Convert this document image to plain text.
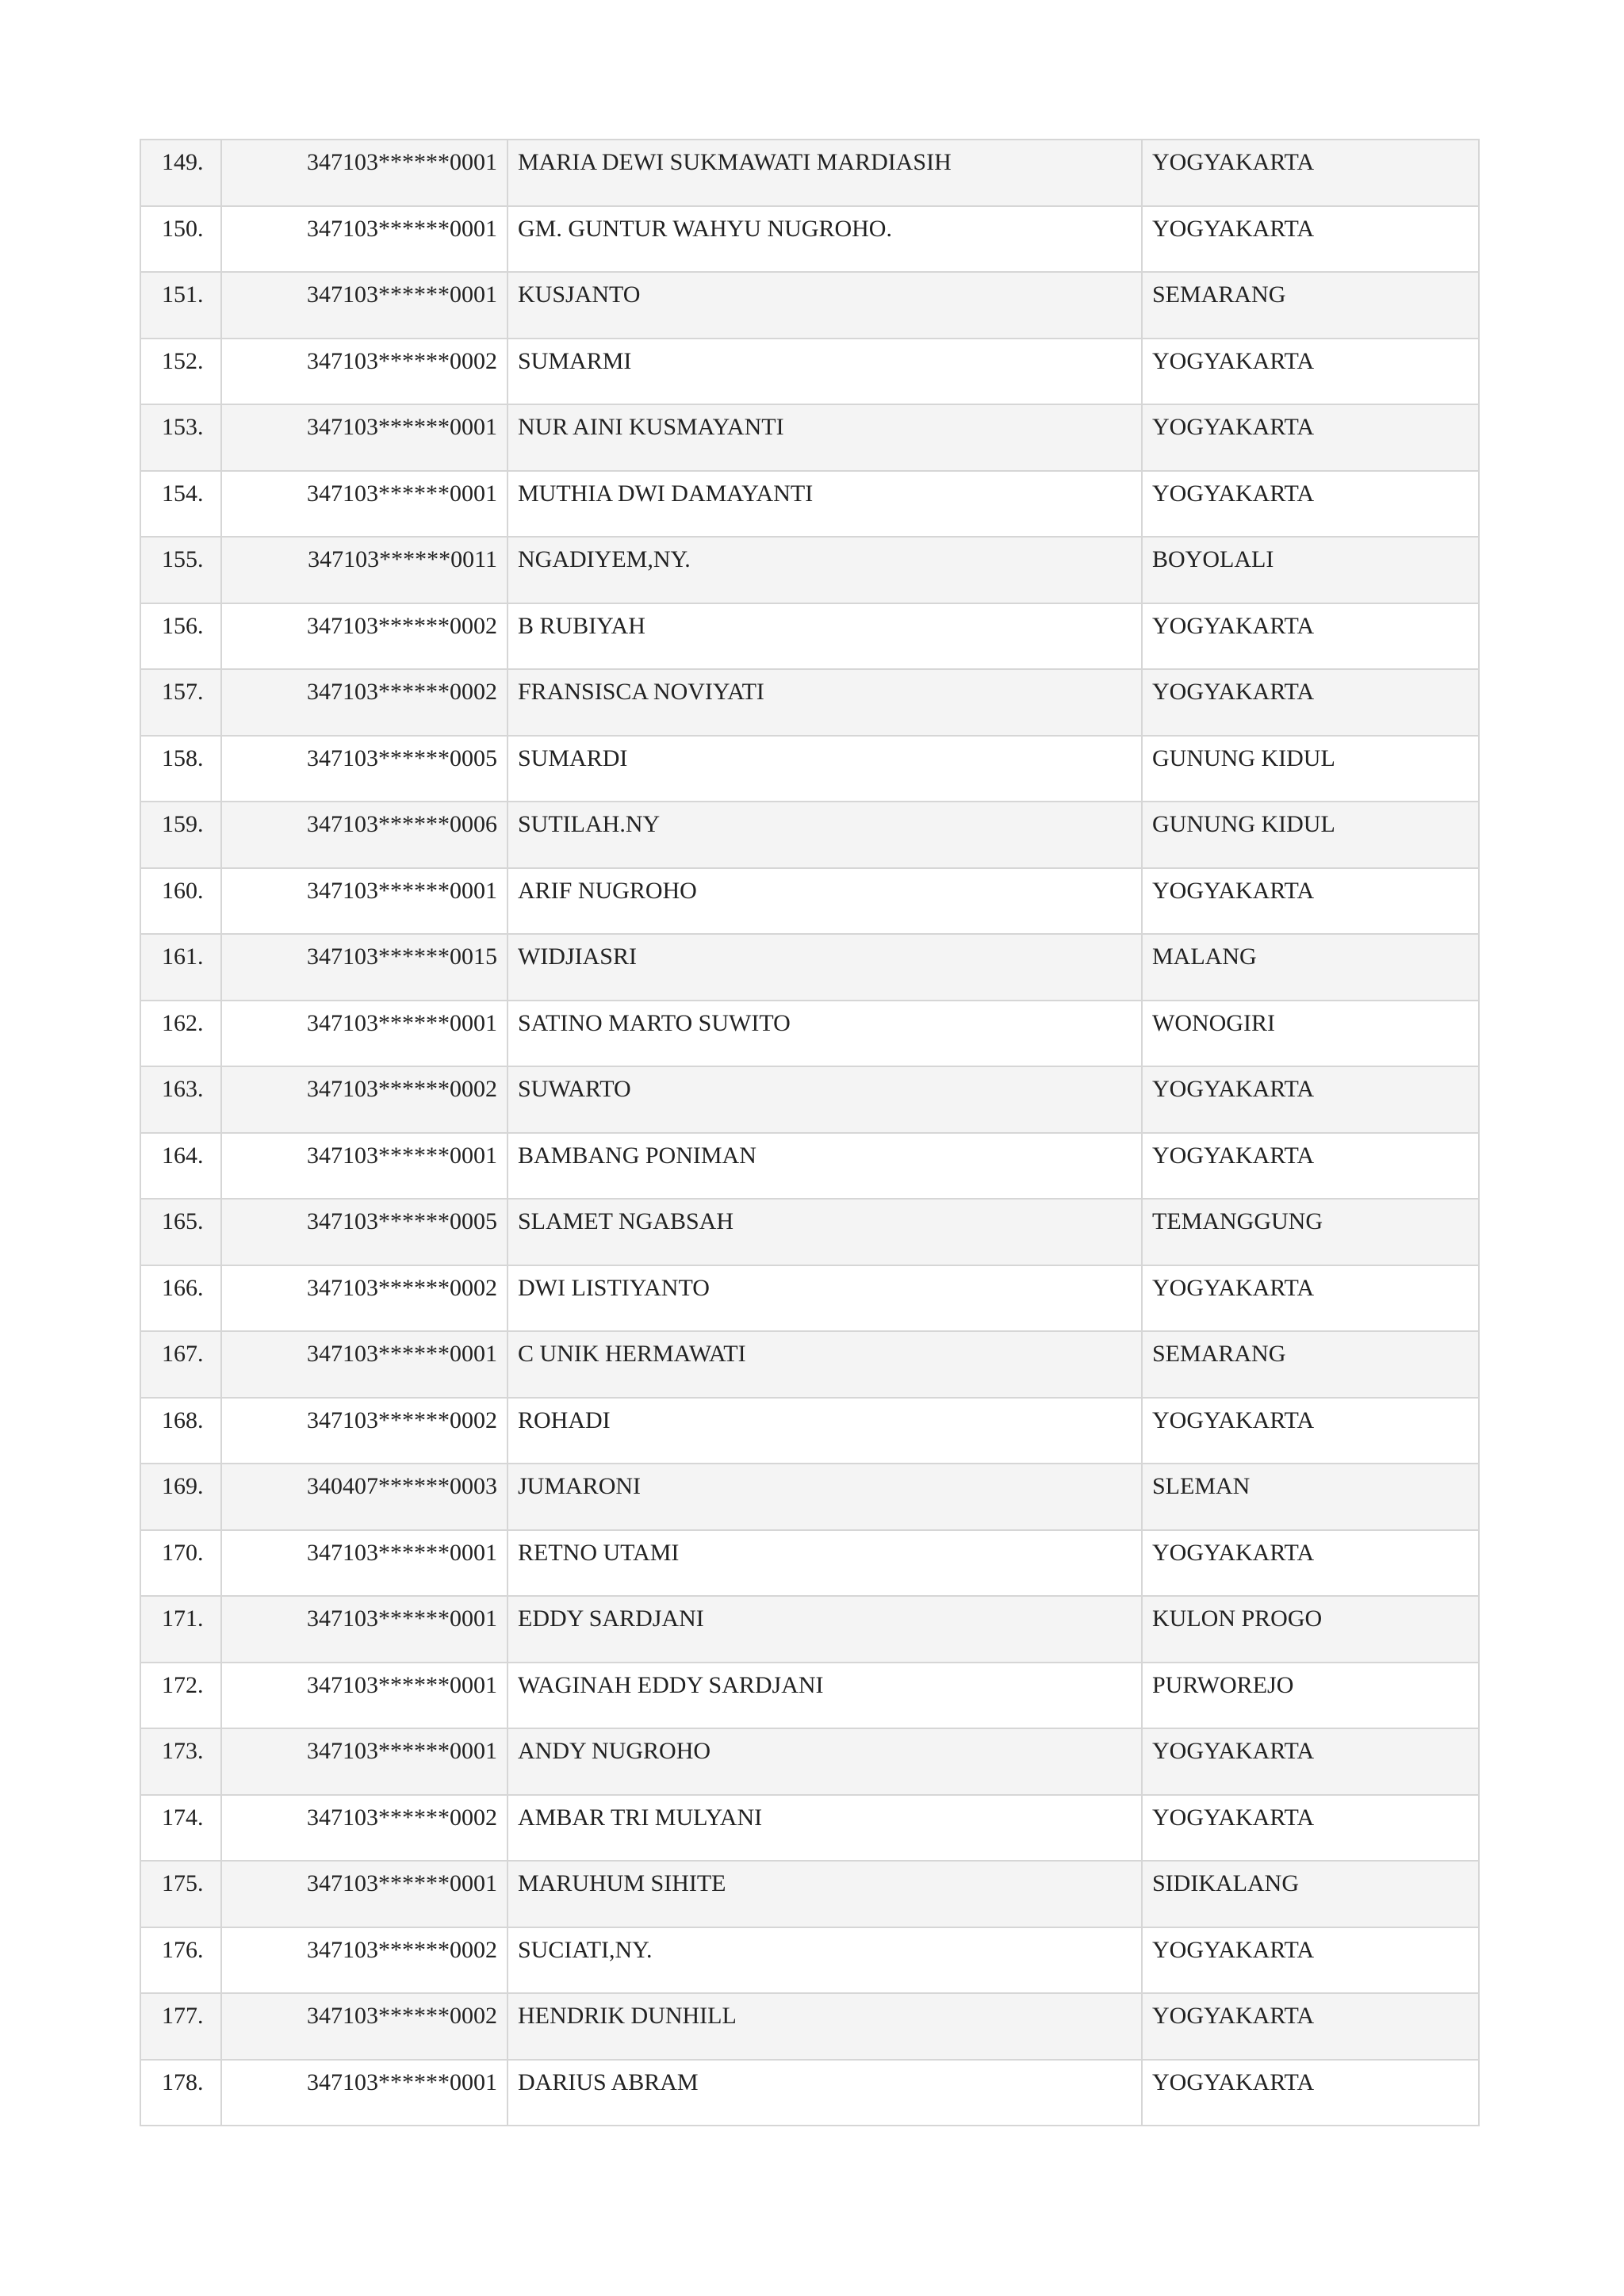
149.	347103******0001	MARIA DEWI SUKMAWATI MARDIASIH	YOGYAKARTA
150.	347103******0001	GM. GUNTUR WAHYU NUGROHO.	YOGYAKARTA
151.	347103******0001	KUSJANTO	SEMARANG
152.	347103******0002	SUMARMI	YOGYAKARTA
153.	347103******0001	NUR AINI KUSMAYANTI	YOGYAKARTA
154.	347103******0001	MUTHIA DWI DAMAYANTI	YOGYAKARTA
155.	347103******0011	NGADIYEM,NY.	BOYOLALI
156.	347103******0002	B RUBIYAH	YOGYAKARTA
157.	347103******0002	FRANSISCA NOVIYATI	YOGYAKARTA
158.	347103******0005	SUMARDI	GUNUNG KIDUL
159.	347103******0006	SUTILAH.NY	GUNUNG KIDUL
160.	347103******0001	ARIF NUGROHO	YOGYAKARTA
161.	347103******0015	WIDJIASRI	MALANG
162.	347103******0001	SATINO MARTO SUWITO	WONOGIRI
163.	347103******0002	SUWARTO	YOGYAKARTA
164.	347103******0001	BAMBANG PONIMAN	YOGYAKARTA
165.	347103******0005	SLAMET NGABSAH	TEMANGGUNG
166.	347103******0002	DWI LISTIYANTO	YOGYAKARTA
167.	347103******0001	C UNIK HERMAWATI	SEMARANG
168.	347103******0002	ROHADI	YOGYAKARTA
169.	340407******0003	JUMARONI	SLEMAN
170.	347103******0001	RETNO UTAMI	YOGYAKARTA
171.	347103******0001	EDDY SARDJANI	KULON PROGO
172.	347103******0001	WAGINAH EDDY SARDJANI	PURWOREJO
173.	347103******0001	ANDY NUGROHO	YOGYAKARTA
174.	347103******0002	AMBAR TRI MULYANI	YOGYAKARTA
175.	347103******0001	MARUHUM SIHITE	SIDIKALANG
176.	347103******0002	SUCIATI,NY.	YOGYAKARTA
177.	347103******0002	HENDRIK DUNHILL	YOGYAKARTA
178.	347103******0001	DARIUS ABRAM	YOGYAKARTA
